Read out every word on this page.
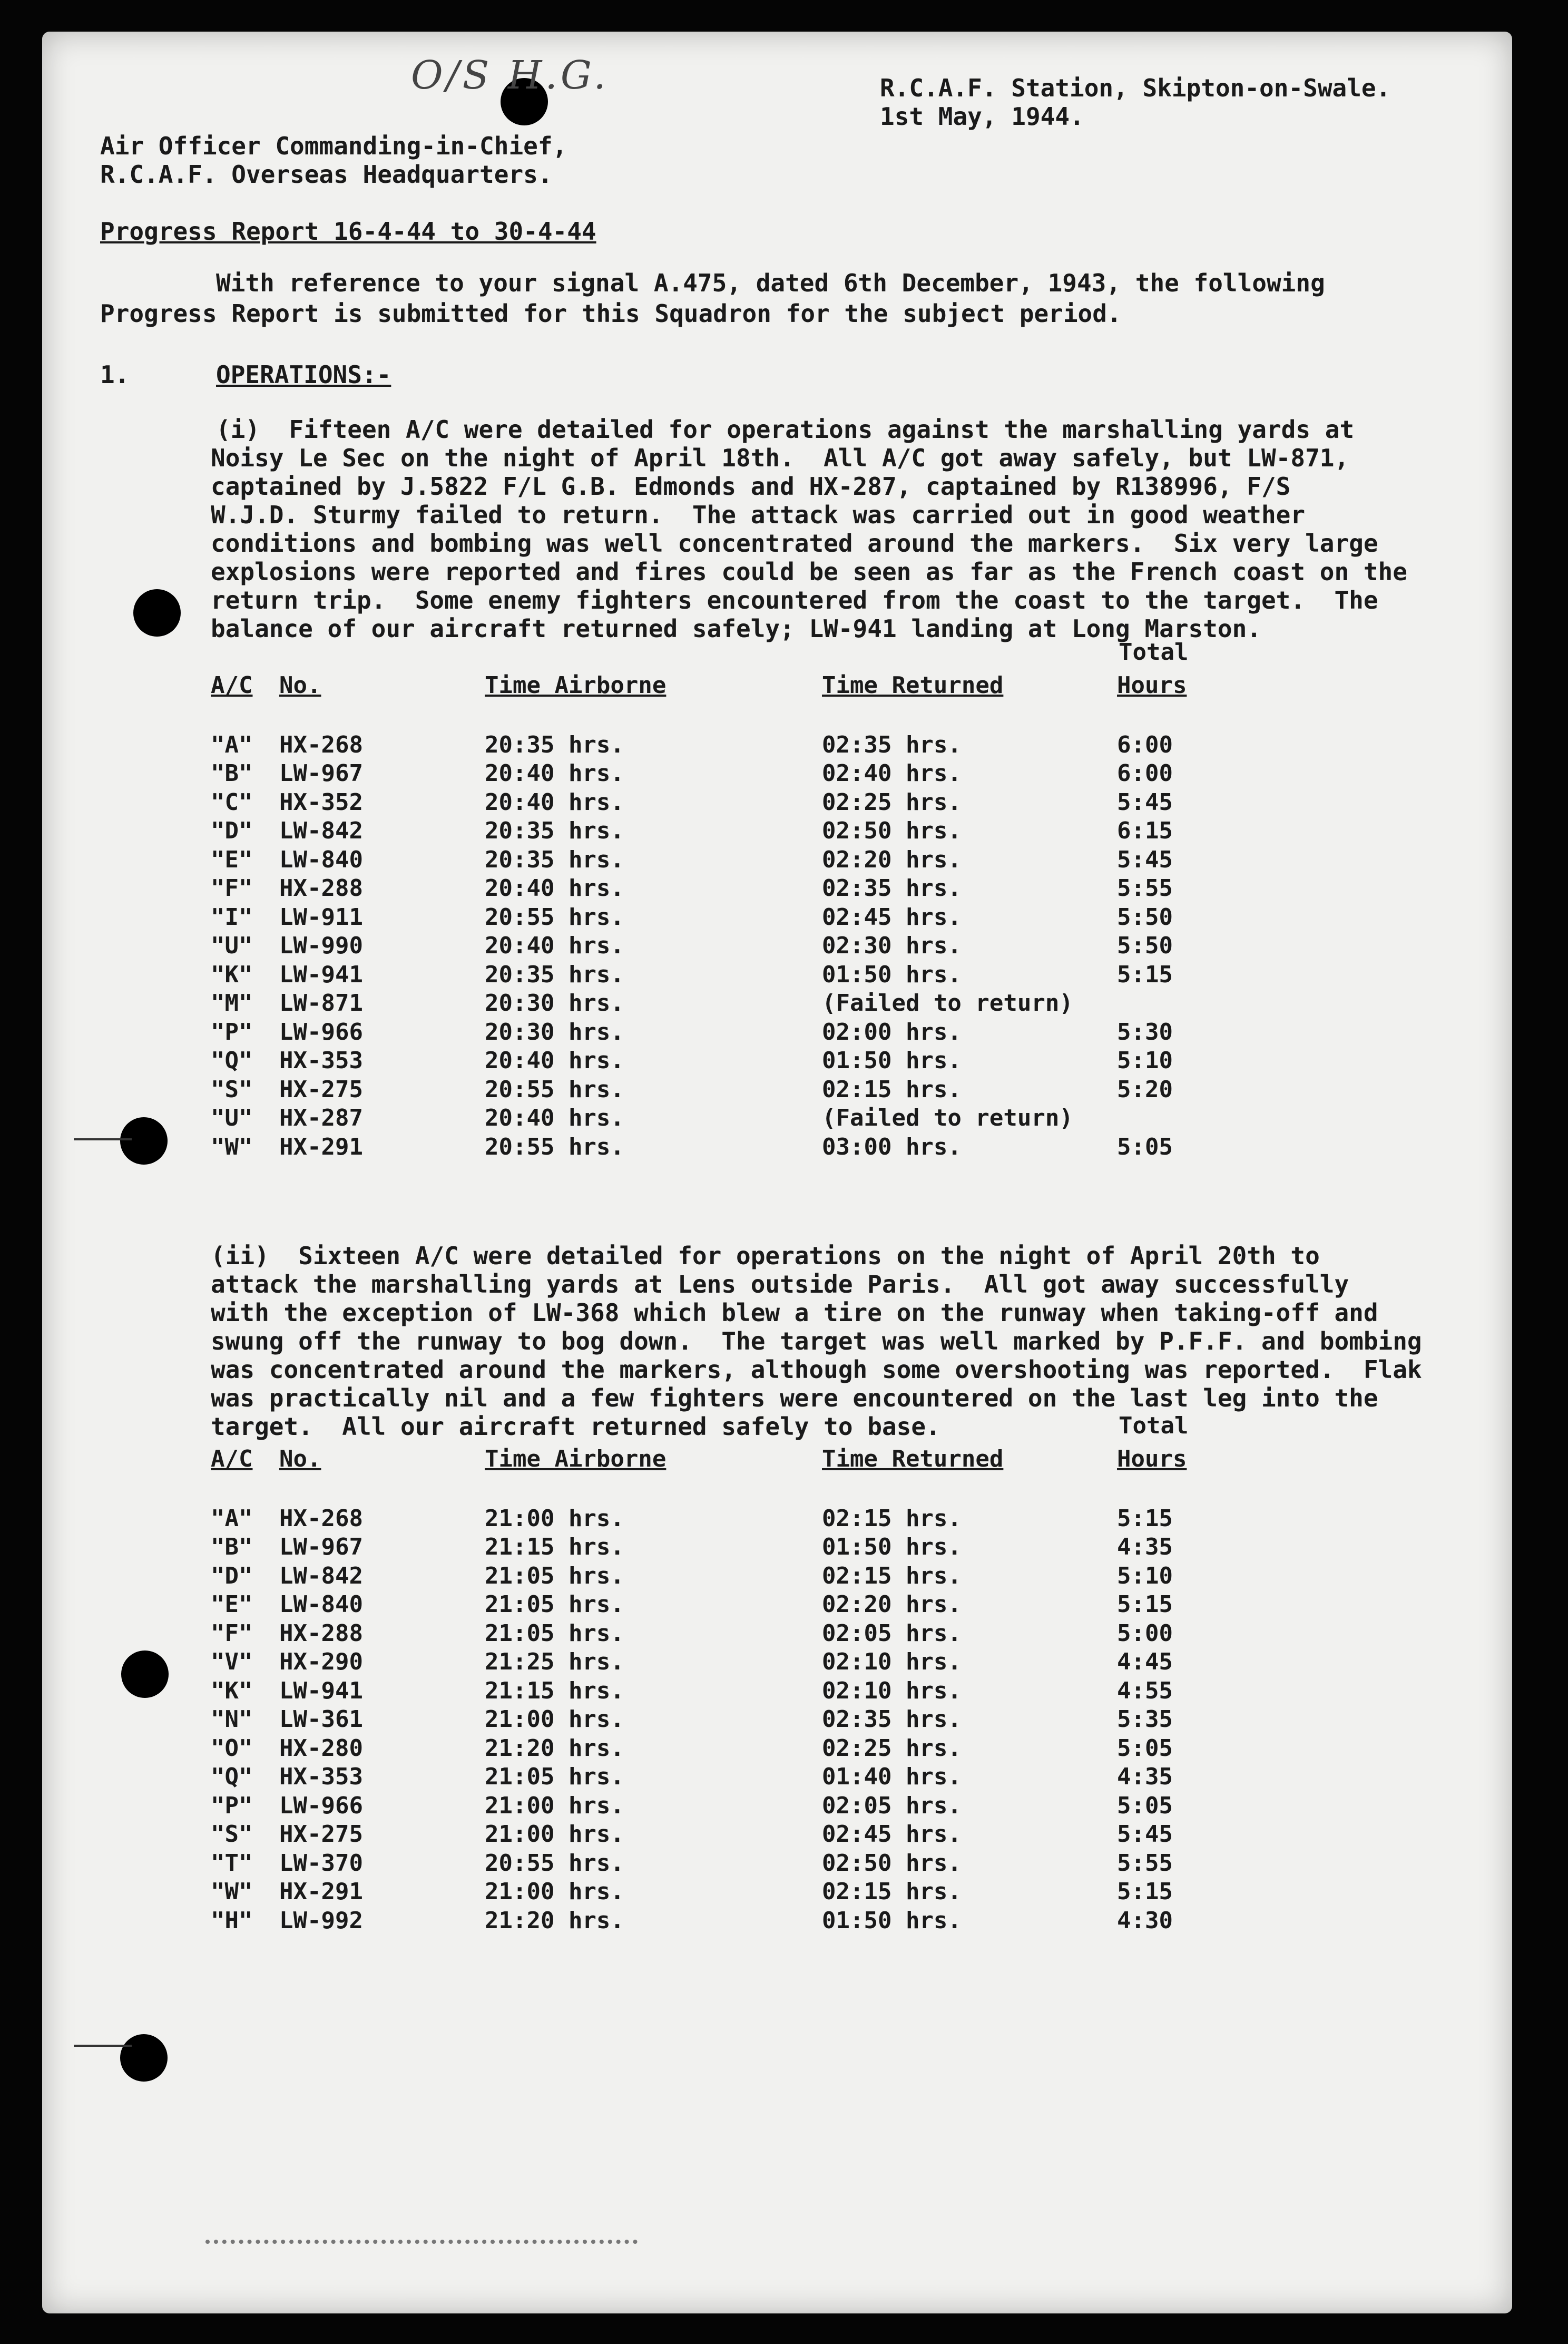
O/S H.G.	R.C.A.F. Station, Skipton-on-Swale.
1st May, 1944.
Air Officer Commanding-in-Chief,
R.C.A.F. Overseas Headquarters.
Progress Report 16-4-44 to 30-4-44
With reference to your signal A.475, dated 6th December, 1943, the following
Progress Report is submitted for this Squadron for the subject period.
1.	OPERATIONS:-
(i)  Fifteen A/C were detailed for operations against the marshalling yards at
Noisy Le Sec on the night of April 18th.  All A/C got away safely, but LW-871,
captained by J.5822 F/L G.B. Edmonds and HX-287, captained by R138996, F/S
W.J.D. Sturmy failed to return.  The attack was carried out in good weather
conditions and bombing was well concentrated around the markers.  Six very large
explosions were reported and fires could be seen as far as the French coast on the
return trip.  Some enemy fighters encountered from the coast to the target.  The
balance of our aircraft returned safely; LW-941 landing at Long Marston.
Total
A/C	No.	Time Airborne	Time Returned	Hours

"A"	HX-268	20:35 hrs.	02:35 hrs.	6:00
"B"	LW-967	20:40 hrs.	02:40 hrs.	6:00
"C"	HX-352	20:40 hrs.	02:25 hrs.	5:45
"D"	LW-842	20:35 hrs.	02:50 hrs.	6:15
"E"	LW-840	20:35 hrs.	02:20 hrs.	5:45
"F"	HX-288	20:40 hrs.	02:35 hrs.	5:55
"I"	LW-911	20:55 hrs.	02:45 hrs.	5:50
"U"	LW-990	20:40 hrs.	02:30 hrs.	5:50
"K"	LW-941	20:35 hrs.	01:50 hrs.	5:15
"M"	LW-871	20:30 hrs.	(Failed to return)	
"P"	LW-966	20:30 hrs.	02:00 hrs.	5:30
"Q"	HX-353	20:40 hrs.	01:50 hrs.	5:10
"S"	HX-275	20:55 hrs.	02:15 hrs.	5:20
"U"	HX-287	20:40 hrs.	(Failed to return)	
"W"	HX-291	20:55 hrs.	03:00 hrs.	5:05
(ii)  Sixteen A/C were detailed for operations on the night of April 20th to
attack the marshalling yards at Lens outside Paris.  All got away successfully
with the exception of LW-368 which blew a tire on the runway when taking-off and
swung off the runway to bog down.  The target was well marked by P.F.F. and bombing
was concentrated around the markers, although some overshooting was reported.  Flak
was practically nil and a few fighters were encountered on the last leg into the
target.  All our aircraft returned safely to base.	Total
A/C	No.	Time Airborne	Time Returned	Hours

"A"	HX-268	21:00 hrs.	02:15 hrs.	5:15
"B"	LW-967	21:15 hrs.	01:50 hrs.	4:35
"D"	LW-842	21:05 hrs.	02:15 hrs.	5:10
"E"	LW-840	21:05 hrs.	02:20 hrs.	5:15
"F"	HX-288	21:05 hrs.	02:05 hrs.	5:00
"V"	HX-290	21:25 hrs.	02:10 hrs.	4:45
"K"	LW-941	21:15 hrs.	02:10 hrs.	4:55
"N"	LW-361	21:00 hrs.	02:35 hrs.	5:35
"O"	HX-280	21:20 hrs.	02:25 hrs.	5:05
"Q"	HX-353	21:05 hrs.	01:40 hrs.	4:35
"P"	LW-966	21:00 hrs.	02:05 hrs.	5:05
"S"	HX-275	21:00 hrs.	02:45 hrs.	5:45
"T"	LW-370	20:55 hrs.	02:50 hrs.	5:55
"W"	HX-291	21:00 hrs.	02:15 hrs.	5:15
"H"	LW-992	21:20 hrs.	01:50 hrs.	4:30
